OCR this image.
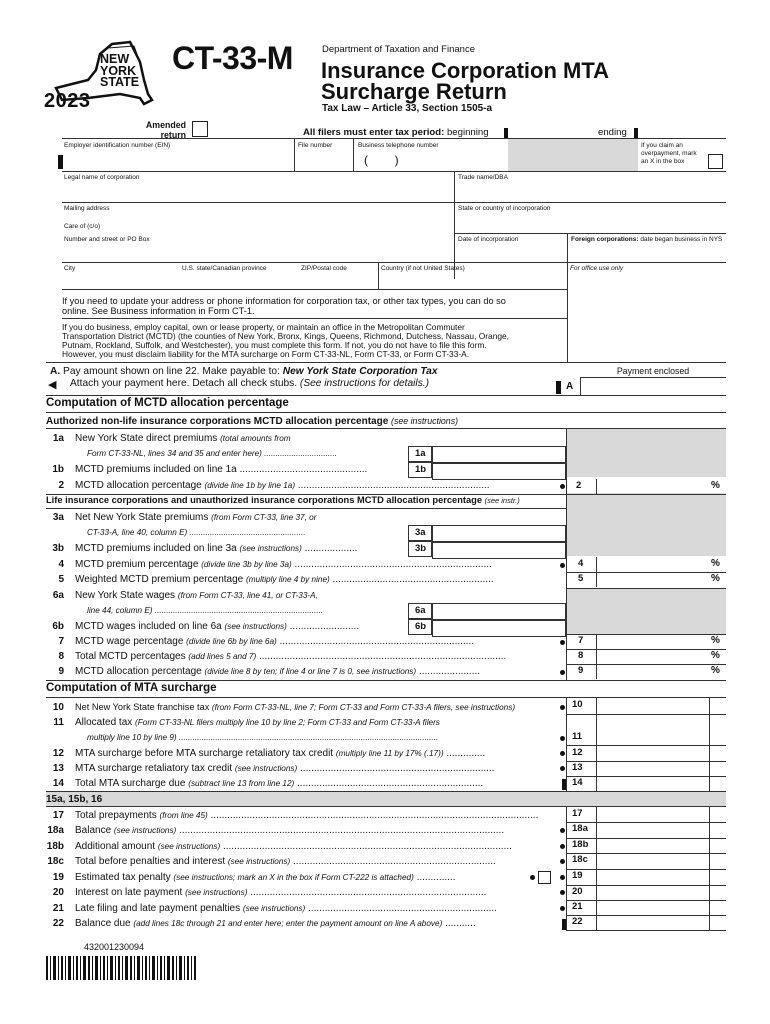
NEW
YORK
STATE
2023
CT-33-M	Department of Taxation and Finance
Insurance Corporation MTA
Surcharge Return
Tax Law – Article 33, Section 1505-a
Amended return	All filers must enter tax period: beginning	ending
Employer identification number (EIN)	File number	Business telephone number
(        )
If you claim an overpayment, mark an X in the box
Legal name of corporation	Trade name/DBA
Mailing address
Care of (c/o)
State or country of incorporation
Number and street or PO Box	Date of incorporation	Foreign corporations: date began business in NYS
City	U.S. state/Canadian province	ZIP/Postal code	Country (if not United States)	For office use only
If you need to update your address or phone information for corporation tax, or other tax types, you can do so
online. See Business information in Form CT-1.
If you do business, employ capital, own or lease property, or maintain an office in the Metropolitan Commuter
Transportation District (MCTD) (the counties of New York, Bronx, Kings, Queens, Richmond, Dutchess, Nassau, Orange,
Putnam, Rockland, Suffolk, and Westchester), you must complete this form. If not, you do not have to file this form.
However, you must disclaim liability for the MTA surcharge on Form CT-33-NL, Form CT-33, or Form CT-33-A.
A. Pay amount shown on line 22. Make payable to: New York State Corporation Tax
◀ Attach your payment here. Detach all check stubs. (See instructions for details.)
Payment enclosed
A
Computation of MCTD allocation percentage
Authorized non-life insurance corporations MCTD allocation percentage (see instructions)
1a New York State direct premiums (total amounts from
Form CT-33-NL, lines 34 and 35 and enter here) ................................	1a
1b MCTD premiums included on line 1a ..............................................	1b
2 MCTD allocation percentage (divide line 1b by line 1a) .....................................................................	2	%
Life insurance corporations and unauthorized insurance corporations MCTD allocation percentage (see instr.)
3a Net New York State premiums (from Form CT-33, line 37, or
CT-33-A, line 40, column E) ...................................................	3a
3b MCTD premiums included on line 3a (see instructions) ...................	3b
4 MCTD premium percentage (divide line 3b by line 3a) .......................................................................	4	%
5 Weighted MCTD premium percentage (multiply line 4 by nine) ..........................................................	5	%
6a New York State wages (from Form CT-33, line 41, or CT-33-A,
line 44, column E) ..........................................................................	6a
6b MCTD wages included on line 6a (see instructions) .........................	6b
7 MCTD wage percentage (divide line 6b by line 6a) ......................................................................	7	%
8 Total MCTD percentages (add lines 5 and 7) .........................................................................................	8	%
9 MCTD allocation percentage (divide line 8 by ten; if line 4 or line 7 is 0, see instructions) ......................	9	%
Computation of MTA surcharge
10 Net New York State franchise tax (from Form CT-33-NL, line 7; Form CT-33 and Form CT-33-A filers, see instructions)	10
11 Allocated tax (Form CT-33-NL filers multiply line 10 by line 2; Form CT-33 and Form CT-33-A filers
multiply line 10 by line 9) ..................................................................................................................	11
12 MTA surcharge before MTA surcharge retaliatory tax credit (multiply line 11 by 17% (.17)) ..............	12
13 MTA surcharge retaliatory tax credit (see instructions) ......................................................................	13
14 Total MTA surcharge due (subtract line 13 from line 12) ...................................................................	14
15a, 15b, 16
17 Total prepayments (from line 45) ......................................................................................................................	17
18a Balance (see instructions) .....................................................................................................................	18a
18b Additional amount (see instructions) ........................................................................................................	18b
18c Total before penalties and interest (see instructions) .........................................................................	18c
19 Estimated tax penalty (see instructions; mark an X in the box if Form CT-222 is attached) ..............	19
20 Interest on late payment (see instructions) .....................................................................................	20
21 Late filing and late payment penalties (see instructions) ....................................................................	21
22 Balance due (add lines 18c through 21 and enter here; enter the payment amount on line A above) ...........	22
432001230094
